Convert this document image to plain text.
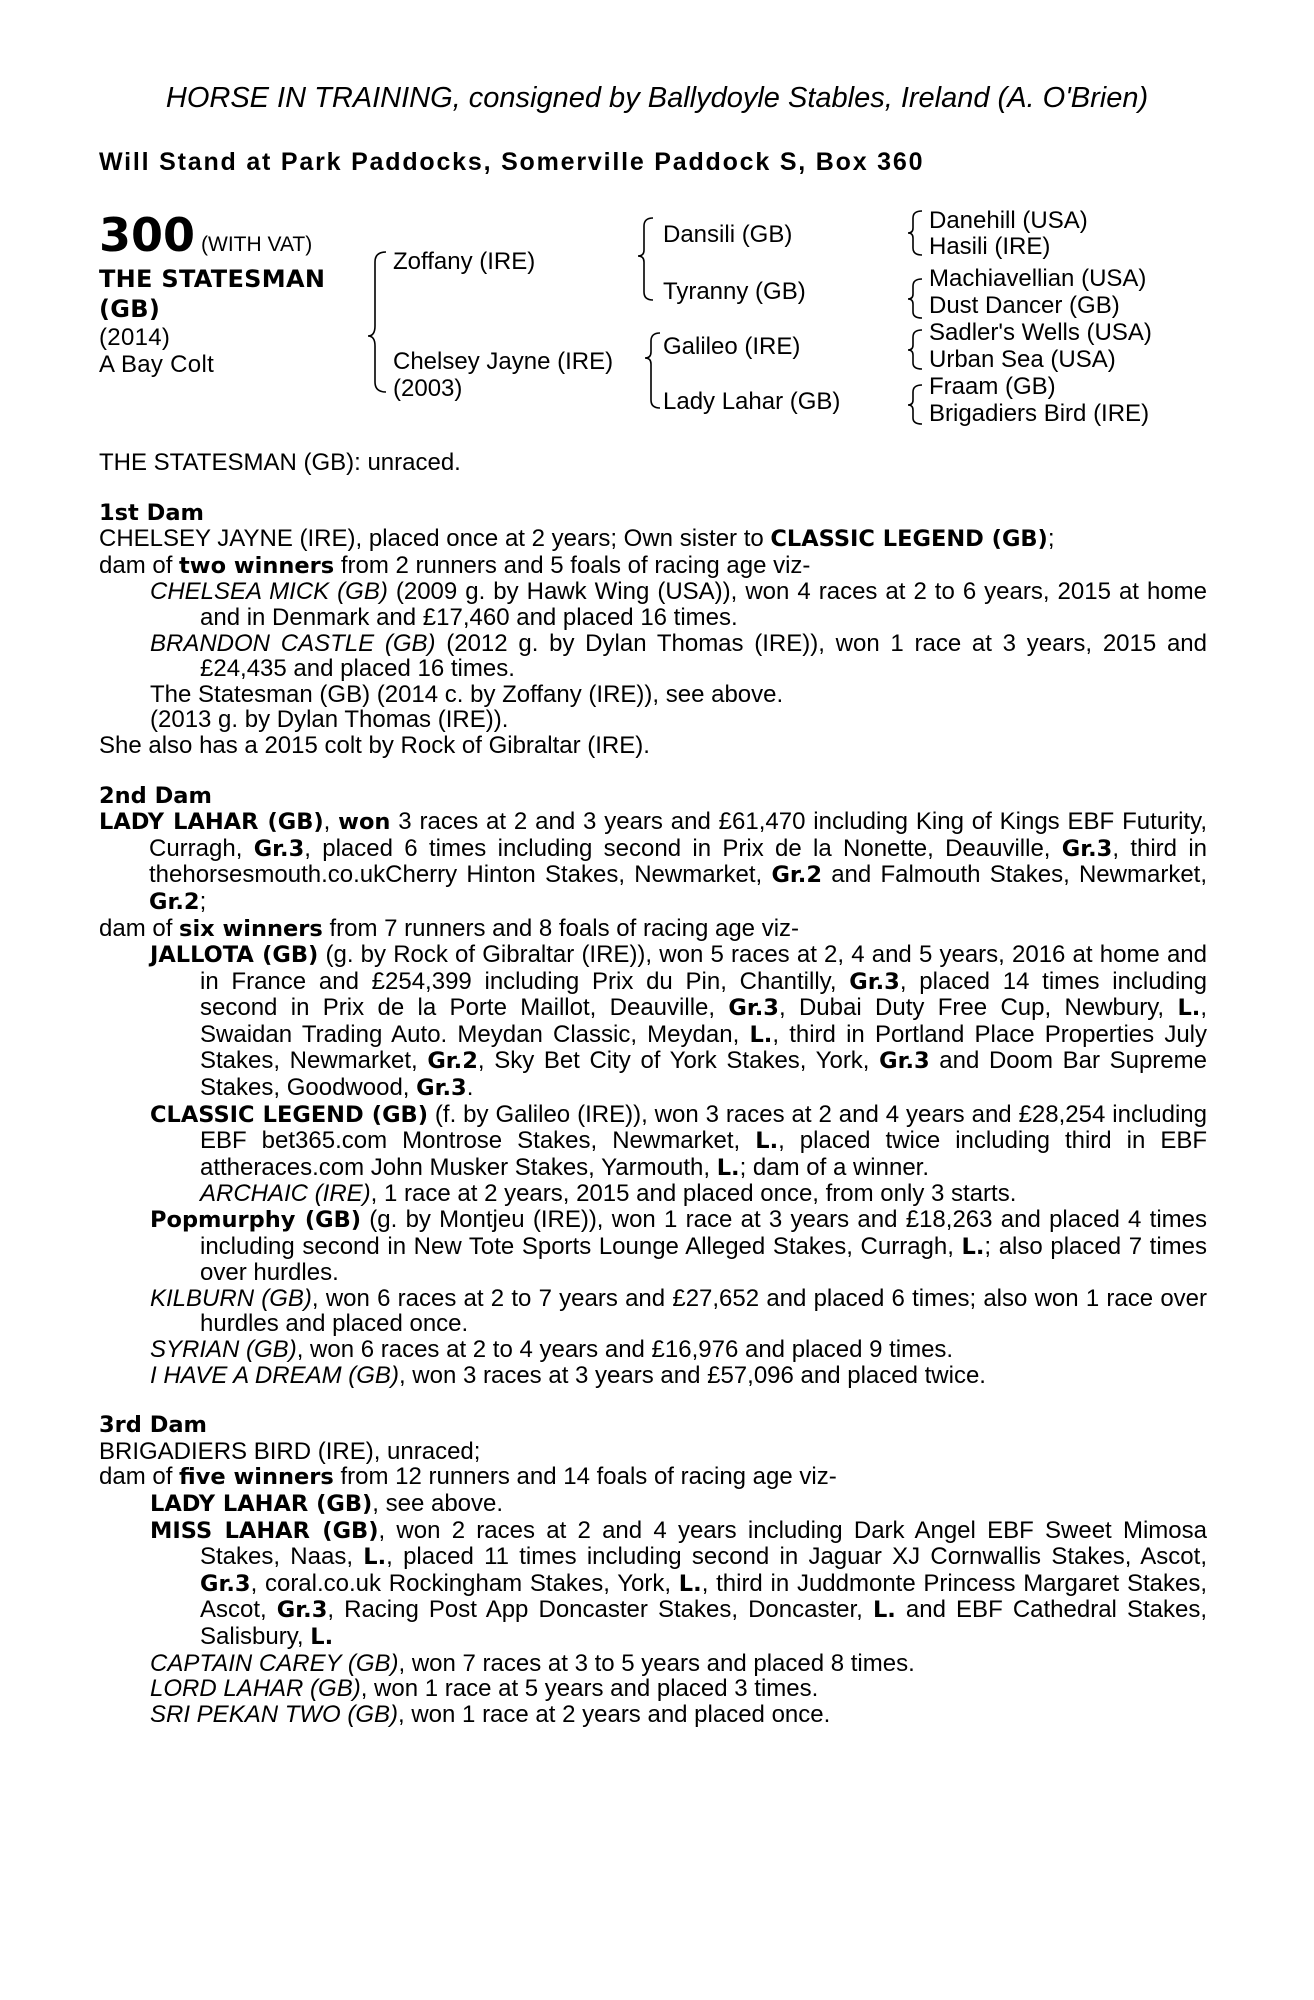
HORSE IN TRAINING, consigned by Ballydoyle Stables, Ireland (A. O'Brien)
Will Stand at Park Paddocks, Somerville Paddock S, Box 360
300 (WITH VAT)
THE STATESMAN
(GB)
(2014)
A Bay Colt
Zoffany (IRE)
Chelsey Jayne (IRE)
(2003)
Dansili (GB)
Tyranny (GB)
Galileo (IRE)
Lady Lahar (GB)
Danehill (USA)
Hasili (IRE)
Machiavellian (USA)
Dust Dancer (GB)
Sadler's Wells (USA)
Urban Sea (USA)
Fraam (GB)
Brigadiers Bird (IRE)

THE STATESMAN (GB): unraced.

1st Dam

CHELSEY JAYNE (IRE), placed once at 2 years; Own sister to CLASSIC LEGEND (GB);

dam of two winners from 2 runners and 5 foals of racing age viz-

CHELSEA MICK (GB) (2009 g. by Hawk Wing (USA)), won 4 races at 2 to 6 years, 2015 at home and in Denmark and £17,460 and placed 16 times.

BRANDON CASTLE (GB) (2012 g. by Dylan Thomas (IRE)), won 1 race at 3 years, 2015 and £24,435 and placed 16 times.

The Statesman (GB) (2014 c. by Zoffany (IRE)), see above.

(2013 g. by Dylan Thomas (IRE)).

She also has a 2015 colt by Rock of Gibraltar (IRE).

2nd Dam

LADY LAHAR (GB), won 3 races at 2 and 3 years and £61,470 including King of Kings EBF Futurity, Curragh, Gr.3, placed 6 times including second in Prix de la Nonette, Deauville, Gr.3, third in thehorsesmouth.co.ukCherry Hinton Stakes, Newmarket, Gr.2 and Falmouth Stakes, Newmarket, Gr.2;

dam of six winners from 7 runners and 8 foals of racing age viz-

JALLOTA (GB) (g. by Rock of Gibraltar (IRE)), won 5 races at 2, 4 and 5 years, 2016 at home and in France and £254,399 including Prix du Pin, Chantilly, Gr.3, placed 14 times including second in Prix de la Porte Maillot, Deauville, Gr.3, Dubai Duty Free Cup, Newbury, L., Swaidan Trading Auto. Meydan Classic, Meydan, L., third in Portland Place Properties July Stakes, Newmarket, Gr.2, Sky Bet City of York Stakes, York, Gr.3 and Doom Bar Supreme Stakes, Goodwood, Gr.3.

CLASSIC LEGEND (GB) (f. by Galileo (IRE)), won 3 races at 2 and 4 years and £28,254 including EBF bet365.com Montrose Stakes, Newmarket, L., placed twice including third in EBF attheraces.com John Musker Stakes, Yarmouth, L.; dam of a winner.

ARCHAIC (IRE), 1 race at 2 years, 2015 and placed once, from only 3 starts.

Popmurphy (GB) (g. by Montjeu (IRE)), won 1 race at 3 years and £18,263 and placed 4 times including second in New Tote Sports Lounge Alleged Stakes, Curragh, L.; also placed 7 times over hurdles.

KILBURN (GB), won 6 races at 2 to 7 years and £27,652 and placed 6 times; also won 1 race over hurdles and placed once.

SYRIAN (GB), won 6 races at 2 to 4 years and £16,976 and placed 9 times.

I HAVE A DREAM (GB), won 3 races at 3 years and £57,096 and placed twice.

3rd Dam

BRIGADIERS BIRD (IRE), unraced;

dam of five winners from 12 runners and 14 foals of racing age viz-

LADY LAHAR (GB), see above.

MISS LAHAR (GB), won 2 races at 2 and 4 years including Dark Angel EBF Sweet Mimosa Stakes, Naas, L., placed 11 times including second in Jaguar XJ Cornwallis Stakes, Ascot, Gr.3, coral.co.uk Rockingham Stakes, York, L., third in Juddmonte Princess Margaret Stakes, Ascot, Gr.3, Racing Post App Doncaster Stakes, Doncaster, L. and EBF Cathedral Stakes, Salisbury, L.

CAPTAIN CAREY (GB), won 7 races at 3 to 5 years and placed 8 times.

LORD LAHAR (GB), won 1 race at 5 years and placed 3 times.

SRI PEKAN TWO (GB), won 1 race at 2 years and placed once.
